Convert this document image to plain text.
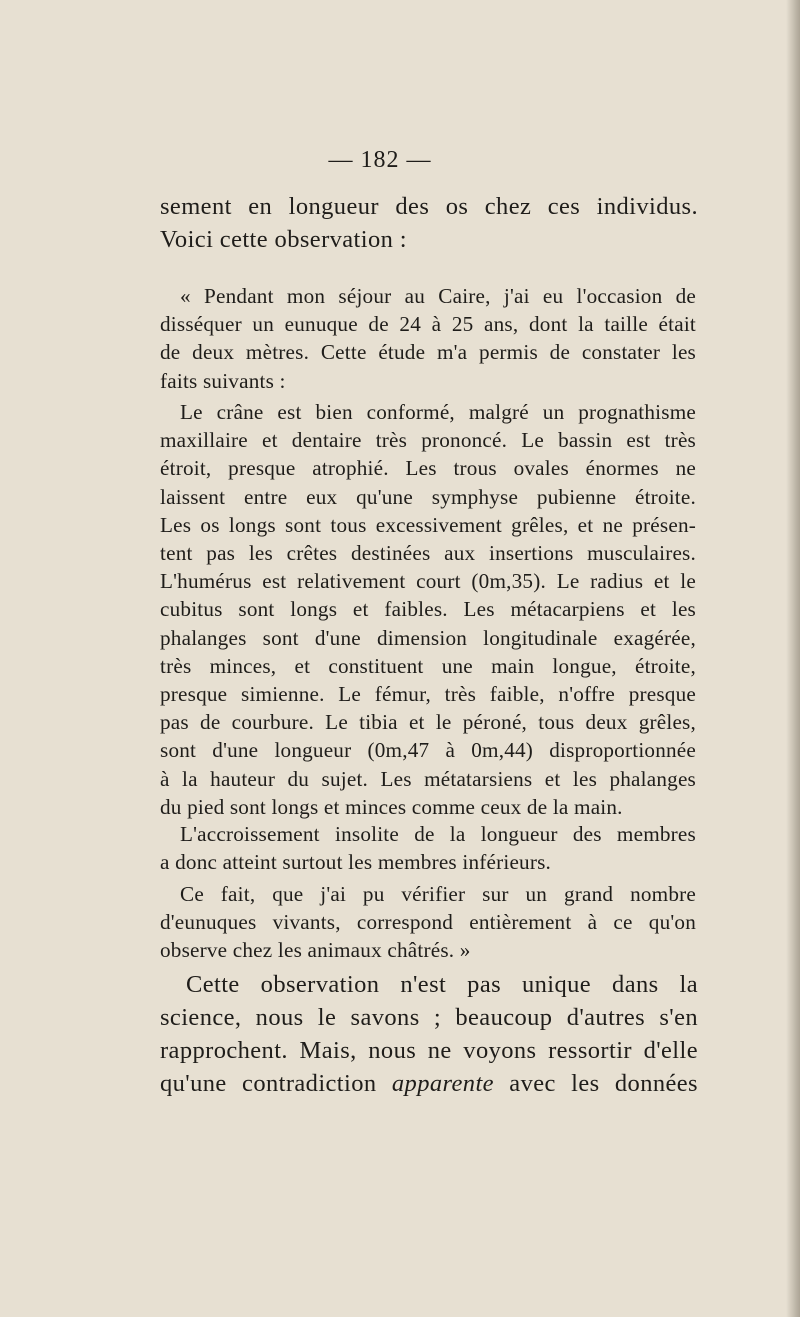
— 182 —
sement en longueur des os chez ces individus.
Voici cette observation :
« Pendant mon séjour au Caire, j'ai eu l'occasion de
disséquer un eunuque de 24 à 25 ans, dont la taille était
de deux mètres. Cette étude m'a permis de constater les
faits suivants :
Le crâne est bien conformé, malgré un prognathisme
maxillaire et dentaire très prononcé. Le bassin est très
étroit, presque atrophié. Les trous ovales énormes ne
laissent entre eux qu'une symphyse pubienne étroite.
Les os longs sont tous excessivement grêles, et ne présen-
tent pas les crêtes destinées aux insertions musculaires.
L'humérus est relativement court (0m,35). Le radius et le
cubitus sont longs et faibles. Les métacarpiens et les
phalanges sont d'une dimension longitudinale exagérée,
très minces, et constituent une main longue, étroite,
presque simienne. Le fémur, très faible, n'offre presque
pas de courbure. Le tibia et le péroné, tous deux grêles,
sont d'une longueur (0m,47 à 0m,44) disproportionnée
à la hauteur du sujet. Les métatarsiens et les phalanges
du pied sont longs et minces comme ceux de la main.
L'accroissement insolite de la longueur des membres
a donc atteint surtout les membres inférieurs.
Ce fait, que j'ai pu vérifier sur un grand nombre
d'eunuques vivants, correspond entièrement à ce qu'on
observe chez les animaux châtrés. »
Cette observation n'est pas unique dans la
science, nous le savons ; beaucoup d'autres s'en
rapprochent. Mais, nous ne voyons ressortir d'elle
qu'une contradiction apparente avec les données
